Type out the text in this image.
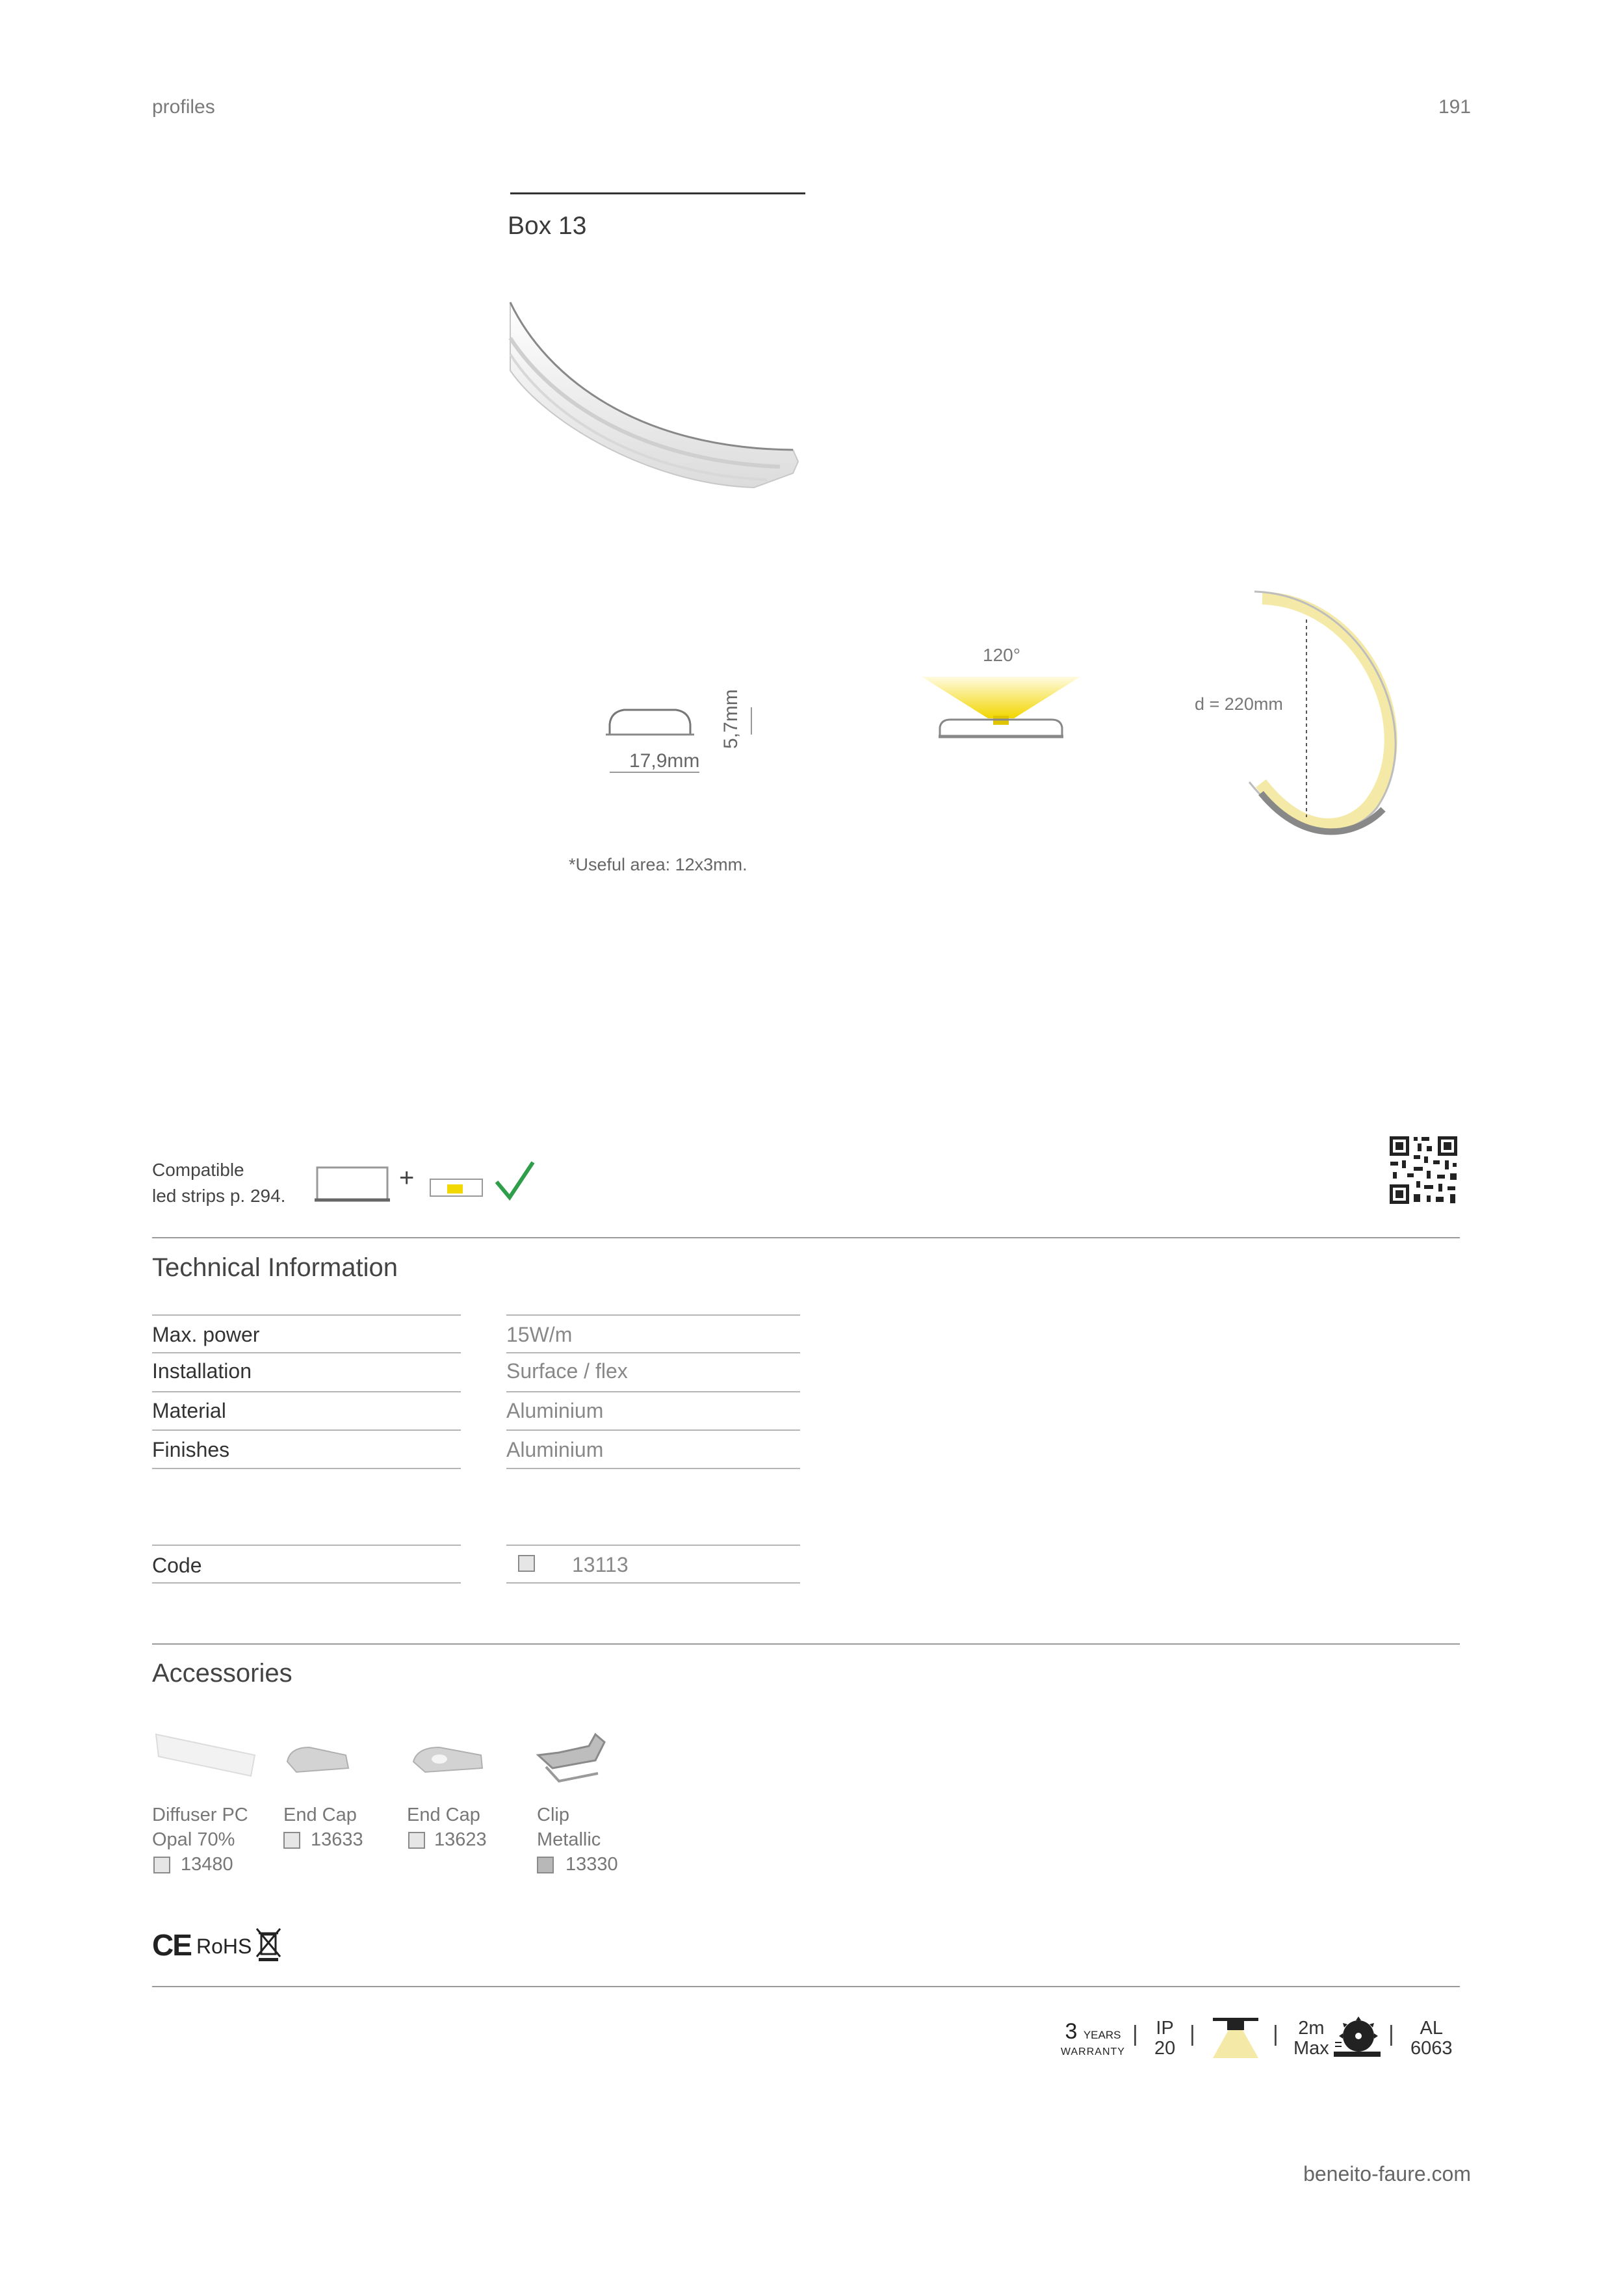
profiles	191
Box 13
17,9mm
5,7mm
120°
d = 220mm
*Useful area: 12x3mm.
Compatible
led strips p. 294.
+
Technical Information
Max. power	15W/m
Installation	Surface / flex
Material	Aluminium
Finishes	Aluminium
Code	13113
Accessories
Diffuser PC
Opal 70%
13480
End Cap
13633
End Cap
13623
Clip
Metallic
13330
CE RoHS
3 YEARS
WARRANTY
| IP
20
|	| 2m
Max
|	AL
6063
beneito-faure.com
